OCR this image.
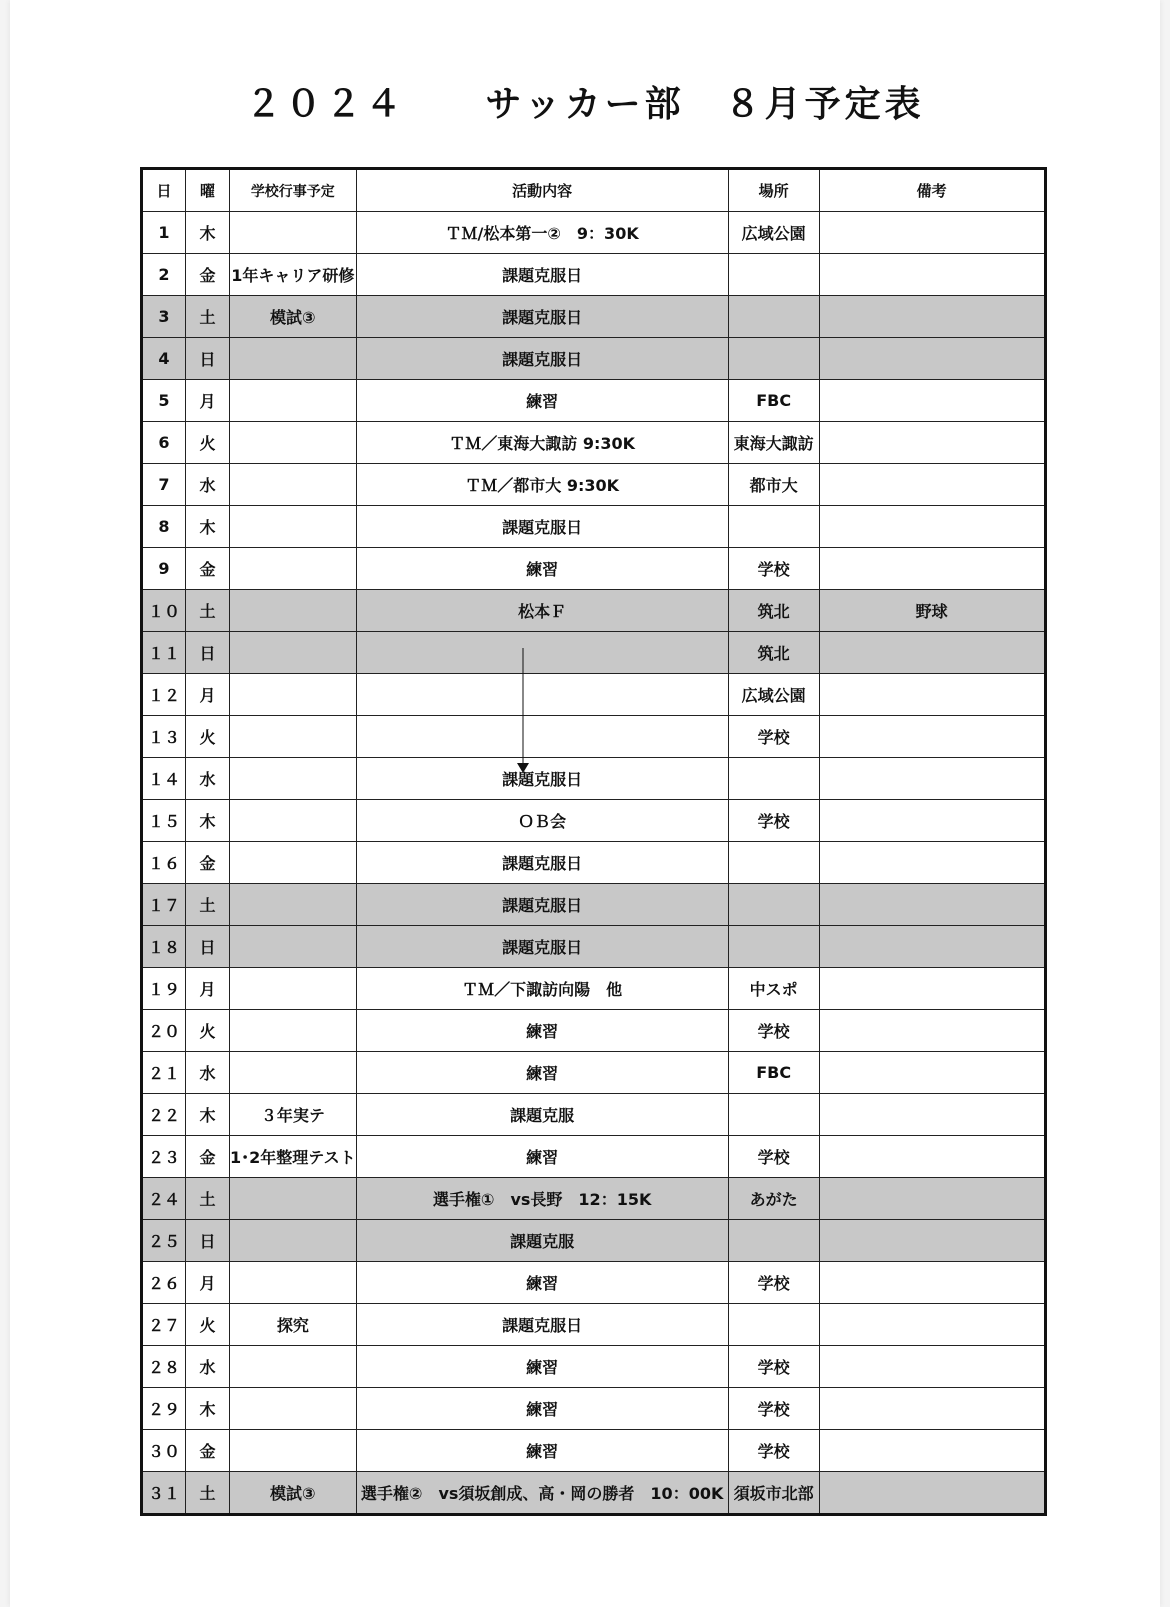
２０２４　　サッカー部　８月予定表
日	曜	学校行事予定	活動内容	場所	備考
1	木		ＴＭ/松本第一②　9：30K	広域公園	
2	金	1年キャリア研修	課題克服日		
3	土	模試③	課題克服日		
4	日		課題克服日		
5	月		練習	FBC	
6	火		ＴＭ／東海大諏訪 9:30K	東海大諏訪	
7	水		ＴＭ／都市大 9:30K	都市大	
8	木		課題克服日		
9	金		練習	学校	
１０	土		松本Ｆ	筑北	野球
１１	日			筑北	
１２	月			広域公園	
１３	火			学校	
１４	水		課題克服日		
１５	木		ＯＢ会	学校	
１６	金		課題克服日		
１７	土		課題克服日		
１８	日		課題克服日		
１９	月		ＴＭ／下諏訪向陽　他	中スポ	
２０	火		練習	学校	
２１	水		練習	FBC	
２２	木	３年実テ	課題克服		
２３	金	1･2年整理テスト	練習	学校	
２４	土		選手権①　vs長野　12：15K	あがた	
２５	日		課題克服		
２６	月		練習	学校	
２７	火	探究	課題克服日		
２８	水		練習	学校	
２９	木		練習	学校	
３０	金		練習	学校	
３１	土	模試③	選手権②　vs須坂創成、高・岡の勝者　10：00K	須坂市北部	
